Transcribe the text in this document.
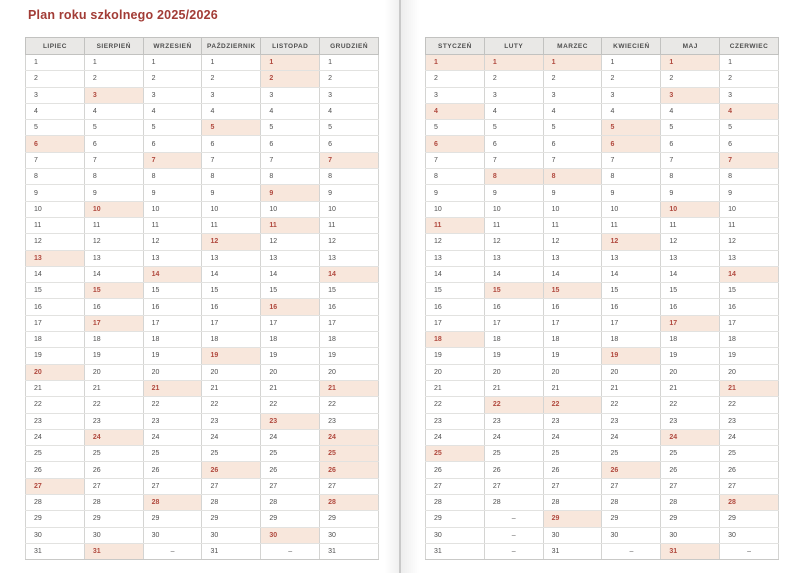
Plan roku szkolnego 2025/2026
LIPIEC	SIERPIEŃ	WRZESIEŃ	PAŹDZIERNIK	LISTOPAD	GRUDZIEŃ
1	1	1	1	1	1
2	2	2	2	2	2
3	3	3	3	3	3
4	4	4	4	4	4
5	5	5	5	5	5
6	6	6	6	6	6
7	7	7	7	7	7
8	8	8	8	8	8
9	9	9	9	9	9
10	10	10	10	10	10
11	11	11	11	11	11
12	12	12	12	12	12
13	13	13	13	13	13
14	14	14	14	14	14
15	15	15	15	15	15
16	16	16	16	16	16
17	17	17	17	17	17
18	18	18	18	18	18
19	19	19	19	19	19
20	20	20	20	20	20
21	21	21	21	21	21
22	22	22	22	22	22
23	23	23	23	23	23
24	24	24	24	24	24
25	25	25	25	25	25
26	26	26	26	26	26
27	27	27	27	27	27
28	28	28	28	28	28
29	29	29	29	29	29
30	30	30	30	30	30
31	31	–	31	–	31
STYCZEŃ	LUTY	MARZEC	KWIECIEŃ	MAJ	CZERWIEC
1	1	1	1	1	1
2	2	2	2	2	2
3	3	3	3	3	3
4	4	4	4	4	4
5	5	5	5	5	5
6	6	6	6	6	6
7	7	7	7	7	7
8	8	8	8	8	8
9	9	9	9	9	9
10	10	10	10	10	10
11	11	11	11	11	11
12	12	12	12	12	12
13	13	13	13	13	13
14	14	14	14	14	14
15	15	15	15	15	15
16	16	16	16	16	16
17	17	17	17	17	17
18	18	18	18	18	18
19	19	19	19	19	19
20	20	20	20	20	20
21	21	21	21	21	21
22	22	22	22	22	22
23	23	23	23	23	23
24	24	24	24	24	24
25	25	25	25	25	25
26	26	26	26	26	26
27	27	27	27	27	27
28	28	28	28	28	28
29	–	29	29	29	29
30	–	30	30	30	30
31	–	31	–	31	–
